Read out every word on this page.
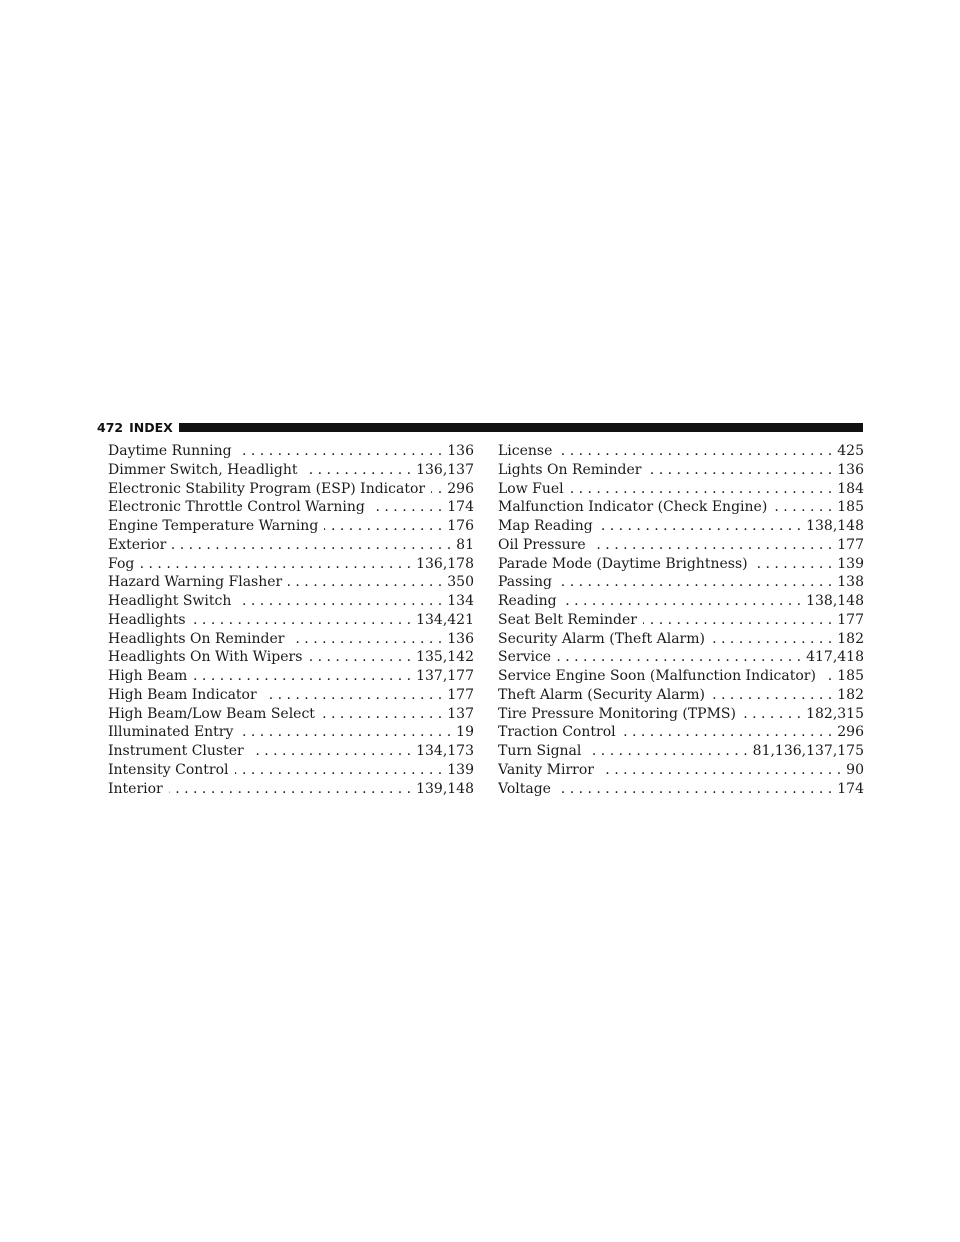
472 INDEX
Daytime Running . . .	136
Dimmer Switch, Headlight . . .	136,137
Electronic Stability Program (ESP) Indicator . . .	296
Electronic Throttle Control Warning . . .	174
Engine Temperature Warning . . .	176
Exterior . . .	81
Fog . . .	136,178
Hazard Warning Flasher . . .	350
Headlight Switch . . .	134
Headlights . . .	134,421
Headlights On Reminder . . .	136
Headlights On With Wipers . . .	135,142
High Beam . . .	137,177
High Beam Indicator . . .	177
High Beam/Low Beam Select . . .	137
Illuminated Entry . . .	19
Instrument Cluster . . .	134,173
Intensity Control . . .	139
Interior . . .	139,148
License . . .	425
Lights On Reminder . . .	136
Low Fuel . . .	184
Malfunction Indicator (Check Engine) . . .	185
Map Reading . . .	138,148
Oil Pressure . . .	177
Parade Mode (Daytime Brightness) . . .	139
Passing . . .	138
Reading . . .	138,148
Seat Belt Reminder . . .	177
Security Alarm (Theft Alarm) . . .	182
Service . . .	417,418
Service Engine Soon (Malfunction Indicator) . . .	185
Theft Alarm (Security Alarm) . . .	182
Tire Pressure Monitoring (TPMS) . . .	182,315
Traction Control . . .	296
Turn Signal . . .	81,136,137,175
Vanity Mirror . . .	90
Voltage . . .	174
